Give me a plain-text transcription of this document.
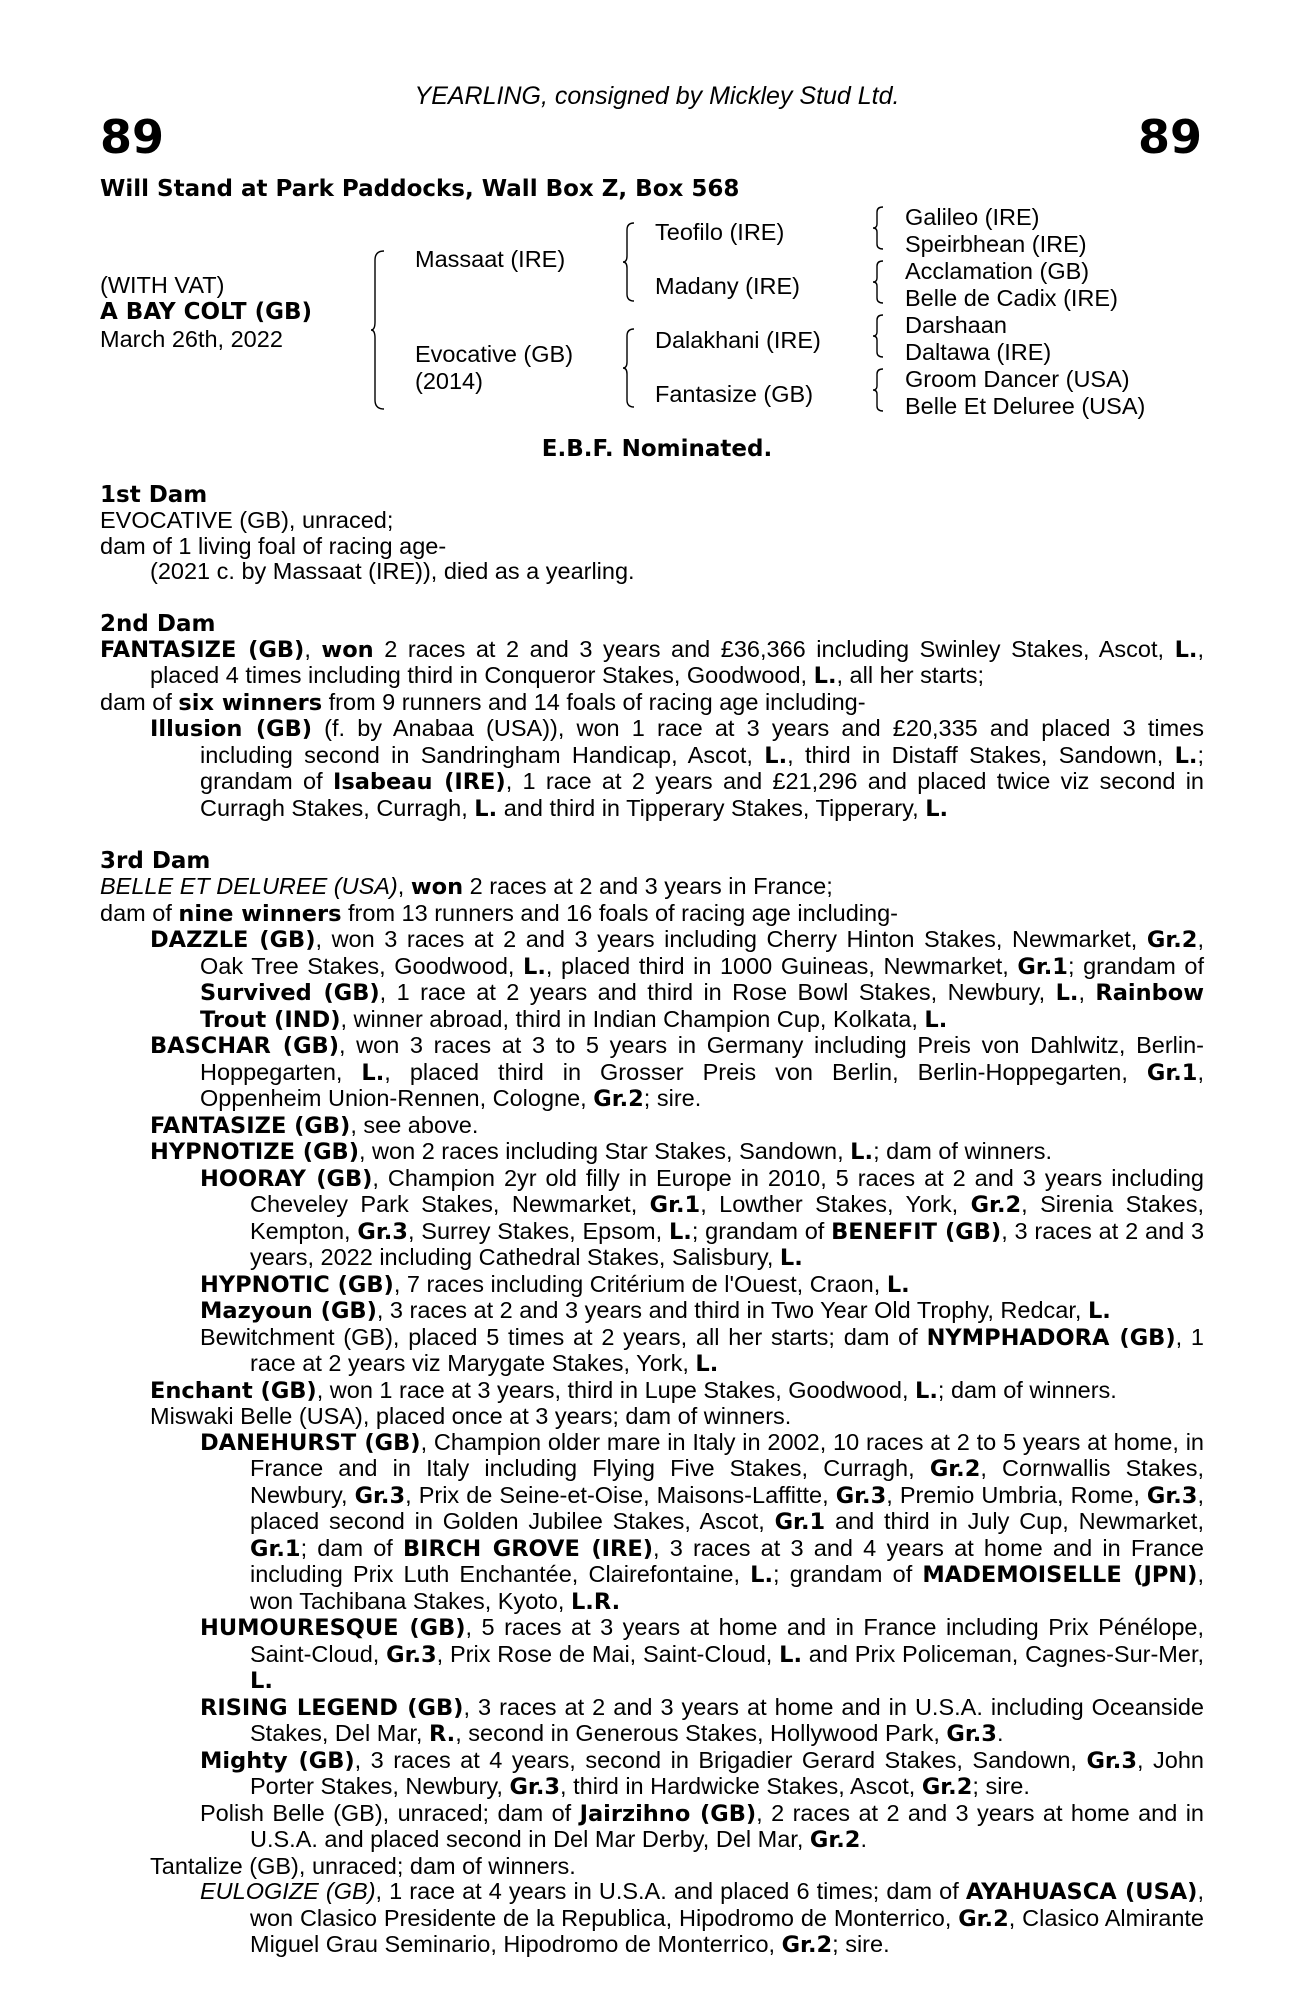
YEARLING, consigned by Mickley Stud Ltd.
89	89
Will Stand at Park Paddocks, Wall Box Z, Box 568
(WITH VAT)
A BAY COLT (GB)
March 26th, 2022
Massaat (IRE)
Evocative (GB)
(2014)
Teofilo (IRE)
Madany (IRE)
Dalakhani (IRE)
Fantasize (GB)
Galileo (IRE)
Speirbhean (IRE)
Acclamation (GB)
Belle de Cadix (IRE)
Darshaan
Daltawa (IRE)
Groom Dancer (USA)
Belle Et Deluree (USA)
E.B.F. Nominated.
1st Dam
EVOCATIVE (GB), unraced;
dam of 1 living foal of racing age-
(2021 c. by Massaat (IRE)), died as a yearling.
2nd Dam
FANTASIZE (GB), won 2 races at 2 and 3 years and £36,366 including Swinley Stakes, Ascot, L., placed 4 times including third in Conqueror Stakes, Goodwood, L., all her starts;
dam of six winners from 9 runners and 14 foals of racing age including-
Illusion (GB) (f. by Anabaa (USA)), won 1 race at 3 years and £20,335 and placed 3 times including second in Sandringham Handicap, Ascot, L., third in Distaff Stakes, Sandown, L.; grandam of Isabeau (IRE), 1 race at 2 years and £21,296 and placed twice viz second in Curragh Stakes, Curragh, L. and third in Tipperary Stakes, Tipperary, L.
3rd Dam
BELLE ET DELUREE (USA), won 2 races at 2 and 3 years in France;
dam of nine winners from 13 runners and 16 foals of racing age including-
DAZZLE (GB), won 3 races at 2 and 3 years including Cherry Hinton Stakes, Newmarket, Gr.2, Oak Tree Stakes, Goodwood, L., placed third in 1000 Guineas, Newmarket, Gr.1; grandam of Survived (GB), 1 race at 2 years and third in Rose Bowl Stakes, Newbury, L., Rainbow Trout (IND), winner abroad, third in Indian Champion Cup, Kolkata, L.
BASCHAR (GB), won 3 races at 3 to 5 years in Germany including Preis von Dahlwitz, Berlin-Hoppegarten, L., placed third in Grosser Preis von Berlin, Berlin-Hoppegarten, Gr.1, Oppenheim Union-Rennen, Cologne, Gr.2; sire.
FANTASIZE (GB), see above.
HYPNOTIZE (GB), won 2 races including Star Stakes, Sandown, L.; dam of winners.
HOORAY (GB), Champion 2yr old filly in Europe in 2010, 5 races at 2 and 3 years including Cheveley Park Stakes, Newmarket, Gr.1, Lowther Stakes, York, Gr.2, Sirenia Stakes, Kempton, Gr.3, Surrey Stakes, Epsom, L.; grandam of BENEFIT (GB), 3 races at 2 and 3 years, 2022 including Cathedral Stakes, Salisbury, L.
HYPNOTIC (GB), 7 races including Critérium de l'Ouest, Craon, L.
Mazyoun (GB), 3 races at 2 and 3 years and third in Two Year Old Trophy, Redcar, L.
Bewitchment (GB), placed 5 times at 2 years, all her starts; dam of NYMPHADORA (GB), 1 race at 2 years viz Marygate Stakes, York, L.
Enchant (GB), won 1 race at 3 years, third in Lupe Stakes, Goodwood, L.; dam of winners.
Miswaki Belle (USA), placed once at 3 years; dam of winners.
DANEHURST (GB), Champion older mare in Italy in 2002, 10 races at 2 to 5 years at home, in France and in Italy including Flying Five Stakes, Curragh, Gr.2, Cornwallis Stakes, Newbury, Gr.3, Prix de Seine-et-Oise, Maisons-Laffitte, Gr.3, Premio Umbria, Rome, Gr.3, placed second in Golden Jubilee Stakes, Ascot, Gr.1 and third in July Cup, Newmarket, Gr.1; dam of BIRCH GROVE (IRE), 3 races at 3 and 4 years at home and in France including Prix Luth Enchantée, Clairefontaine, L.; grandam of MADEMOISELLE (JPN), won Tachibana Stakes, Kyoto, L.R.
HUMOURESQUE (GB), 5 races at 3 years at home and in France including Prix Pénélope, Saint-Cloud, Gr.3, Prix Rose de Mai, Saint-Cloud, L. and Prix Policeman, Cagnes-Sur-Mer, L.
RISING LEGEND (GB), 3 races at 2 and 3 years at home and in U.S.A. including Oceanside Stakes, Del Mar, R., second in Generous Stakes, Hollywood Park, Gr.3.
Mighty (GB), 3 races at 4 years, second in Brigadier Gerard Stakes, Sandown, Gr.3, John Porter Stakes, Newbury, Gr.3, third in Hardwicke Stakes, Ascot, Gr.2; sire.
Polish Belle (GB), unraced; dam of Jairzihno (GB), 2 races at 2 and 3 years at home and in U.S.A. and placed second in Del Mar Derby, Del Mar, Gr.2.
Tantalize (GB), unraced; dam of winners.
EULOGIZE (GB), 1 race at 4 years in U.S.A. and placed 6 times; dam of AYAHUASCA (USA), won Clasico Presidente de la Republica, Hipodromo de Monterrico, Gr.2, Clasico Almirante Miguel Grau Seminario, Hipodromo de Monterrico, Gr.2; sire.
